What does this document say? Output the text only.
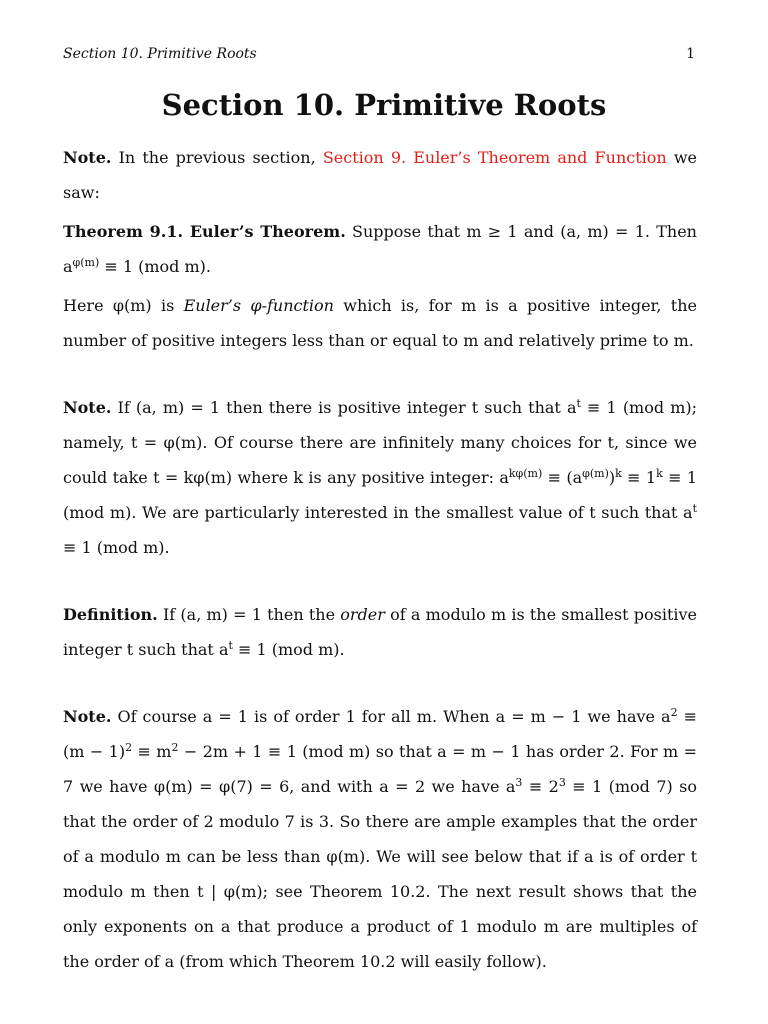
Section 10. Primitive Roots	1
Section 10. Primitive Roots

Note. In the previous section, Section 9. Euler’s Theorem and Function we saw:

Theorem 9.1. Euler’s Theorem. Suppose that m ≥ 1 and (a, m) = 1. Then $a^{\varphi(m)} \equiv 1$ (mod m).

Here φ(m) is Euler’s φ-function which is, for m is a positive integer, the number of positive integers less than or equal to m and relatively prime to m.

Note. If (a, m) = 1 then there is positive integer t such that $a^t \equiv 1$ (mod m); namely, t = φ(m). Of course there are infinitely many choices for t, since we could take t = kφ(m) where k is any positive integer: $a^{k\varphi(m)} \equiv (a^{\varphi(m)})^k \equiv 1^k \equiv 1$ (mod m). We are particularly interested in the smallest value of t such that $a^t \equiv 1$ (mod m).

Definition. If (a, m) = 1 then the order of a modulo m is the smallest positive integer t such that $a^t \equiv 1$ (mod m).

Note. Of course a = 1 is of order 1 for all m. When a = m − 1 we have $a^2 \equiv (m - 1)^2 \equiv m^2 - 2m + 1 \equiv 1$ (mod m) so that a = m − 1 has order 2. For m = 7 we have φ(m) = φ(7) = 6, and with a = 2 we have $a^3 \equiv 2^3 \equiv 1$ (mod 7) so that the order of 2 modulo 7 is 3. So there are ample examples that the order of a modulo m can be less than φ(m). We will see below that if a is of order t modulo m then t | φ(m); see Theorem 10.2. The next result shows that the only exponents on a that produce a product of 1 modulo m are multiples of the order of a (from which Theorem 10.2 will easily follow).
